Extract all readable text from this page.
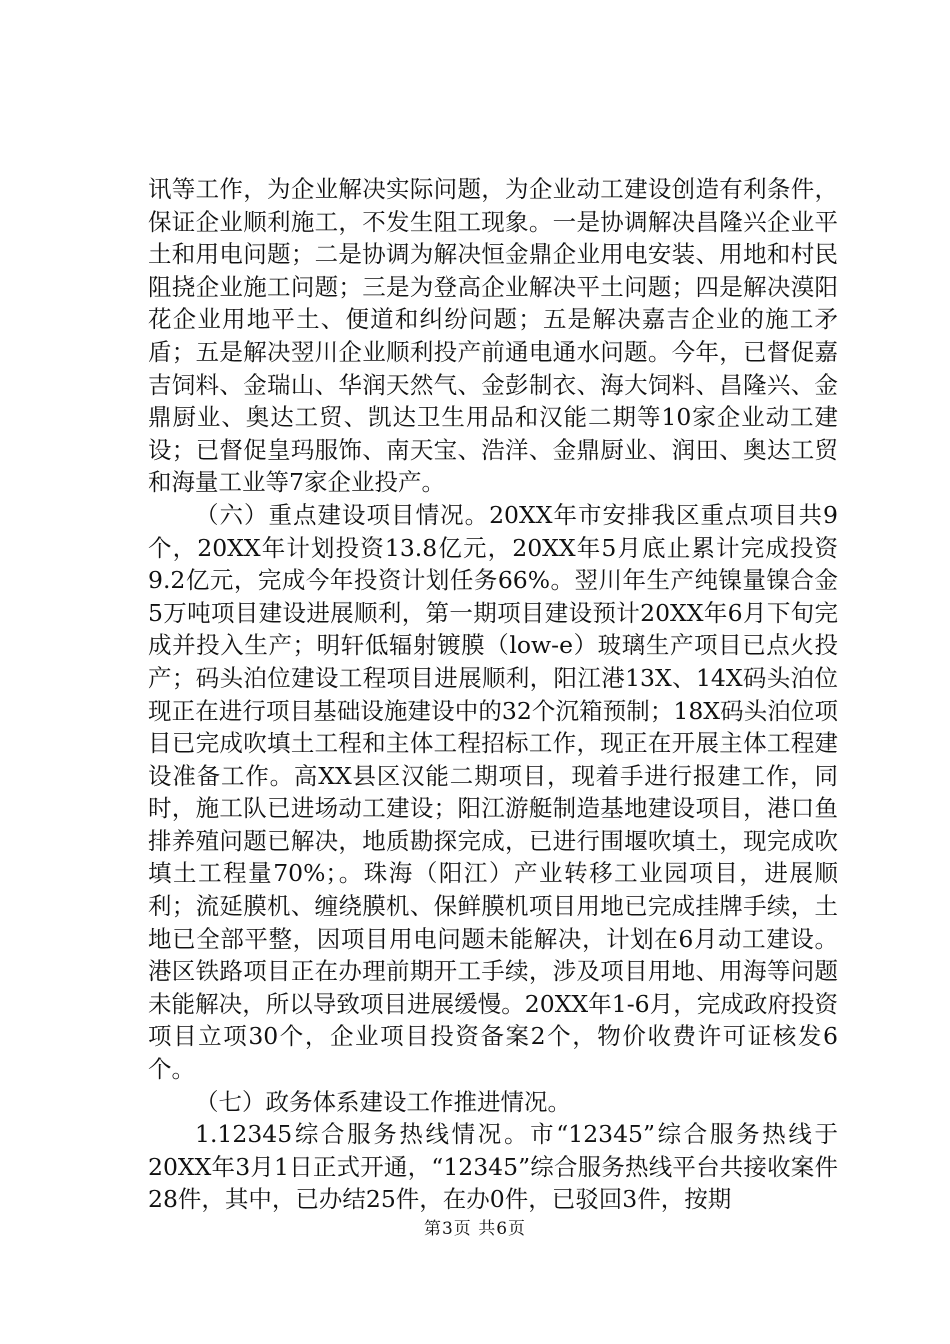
讯等工作，为企业解决实际问题，为企业动工建设创造有利条件，保证企业顺利施工，不发生阻工现象。一是协调解决昌隆兴企业平土和用电问题；二是协调为解决恒金鼎企业用电安装、用地和村民阻挠企业施工问题；三是为登高企业解决平土问题；四是解决漠阳花企业用地平土、便道和纠纷问题；五是解决嘉吉企业的施工矛盾；五是解决翌川企业顺利投产前通电通水问题。今年，已督促嘉吉饲料、金瑞山、华润天然气、金彭制衣、海大饲料、昌隆兴、金鼎厨业、奥达工贸、凯达卫生用品和汉能二期等10家企业动工建设；已督促皇玛服饰、南天宝、浩洋、金鼎厨业、润田、奥达工贸和海量工业等7家企业投产。

（六）重点建设项目情况。20XX年市安排我区重点项目共9个，20XX年计划投资13.8亿元，20XX年5月底止累计完成投资9.2亿元，完成今年投资计划任务66%。翌川年生产纯镍量镍合金5万吨项目建设进展顺利，第一期项目建设预计20XX年6月下旬完成并投入生产；明轩低辐射镀膜（low-e）玻璃生产项目已点火投产；码头泊位建设工程项目进展顺利，阳江港13X、14X码头泊位现正在进行项目基础设施建设中的32个沉箱预制；18X码头泊位项目已完成吹填土工程和主体工程招标工作，现正在开展主体工程建设准备工作。高XX县区汉能二期项目，现着手进行报建工作，同时，施工队已进场动工建设；阳江游艇制造基地建设项目，港口鱼排养殖问题已解决，地质勘探完成，已进行围堰吹填土，现完成吹填土工程量70%；。珠海（阳江）产业转移工业园项目，进展顺利；流延膜机、缠绕膜机、保鲜膜机项目用地已完成挂牌手续，土地已全部平整，因项目用电问题未能解决，计划在6月动工建设。港区铁路项目正在办理前期开工手续，涉及项目用地、用海等问题未能解决，所以导致项目进展缓慢。20XX年1-6月，完成政府投资项目立项30个，企业项目投资备案2个，物价收费许可证核发6个。

（七）政务体系建设工作推进情况。

1.12345综合服务热线情况。市“12345”综合服务热线于20XX年3月1日正式开通，“12345”综合服务热线平台共接收案件28件，其中，已办结25件，在办0件，已驳回3件，按期

第3页 共6页
